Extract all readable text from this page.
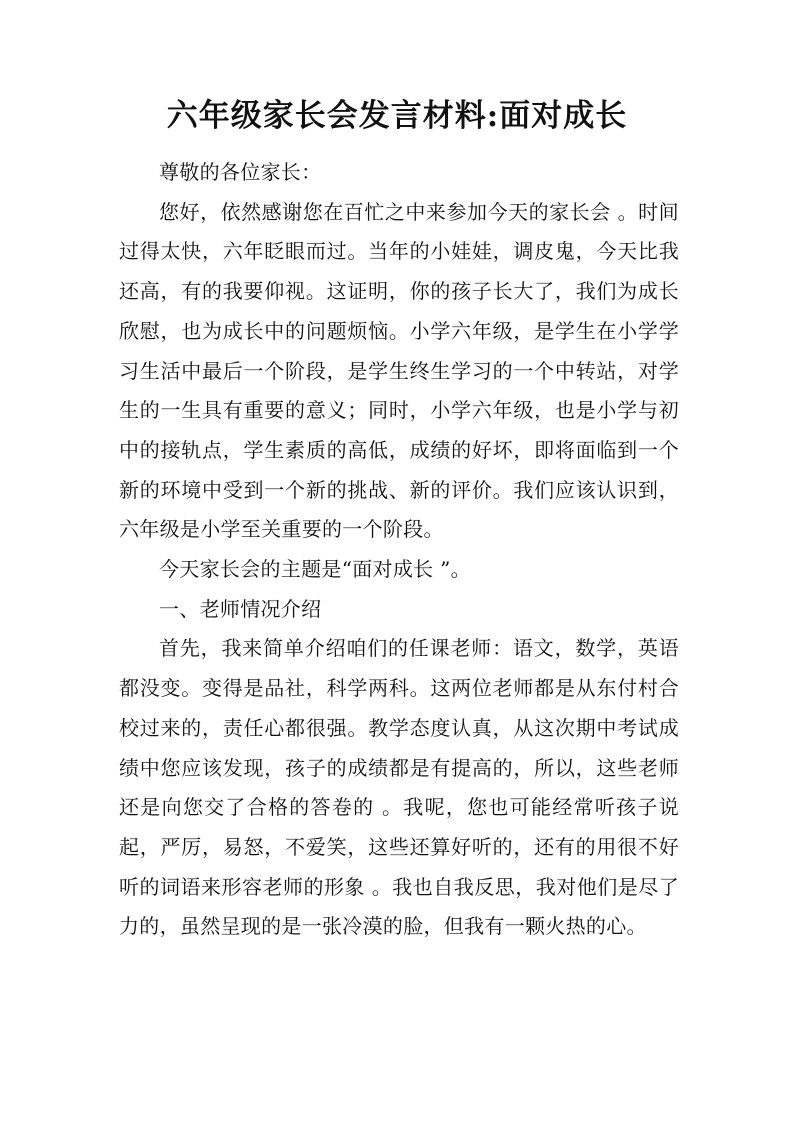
六年级家长会发言材料:面对成长

尊敬的各位家长：

您好，依然感谢您在百忙之中来参加今天的家长会 。时间过得太快，六年眨眼而过。当年的小娃娃，调皮鬼，今天比我还高，有的我要仰视。这证明，你的孩子长大了，我们为成长欣慰，也为成长中的问题烦恼。小学六年级，是学生在小学学习生活中最后一个阶段，是学生终生学习的一个中转站，对学生的一生具有重要的意义；同时，小学六年级，也是小学与初中的接轨点，学生素质的高低，成绩的好坏，即将面临到一个新的环境中受到一个新的挑战、新的评价。我们应该认识到，六年级是小学至关重要的一个阶段。

今天家长会的主题是“面对成长 ”。

一、老师情况介绍

首先，我来简单介绍咱们的任课老师：语文，数学，英语都没变。变得是品社，科学两科。这两位老师都是从东付村合校过来的，责任心都很强。教学态度认真，从这次期中考试成绩中您应该发现，孩子的成绩都是有提高的，所以，这些老师还是向您交了合格的答卷的 。我呢，您也可能经常听孩子说起，严厉，易怒，不爱笑，这些还算好听的，还有的用很不好听的词语来形容老师的形象 。我也自我反思，我对他们是尽了力的，虽然呈现的是一张冷漠的脸，但我有一颗火热的心。
